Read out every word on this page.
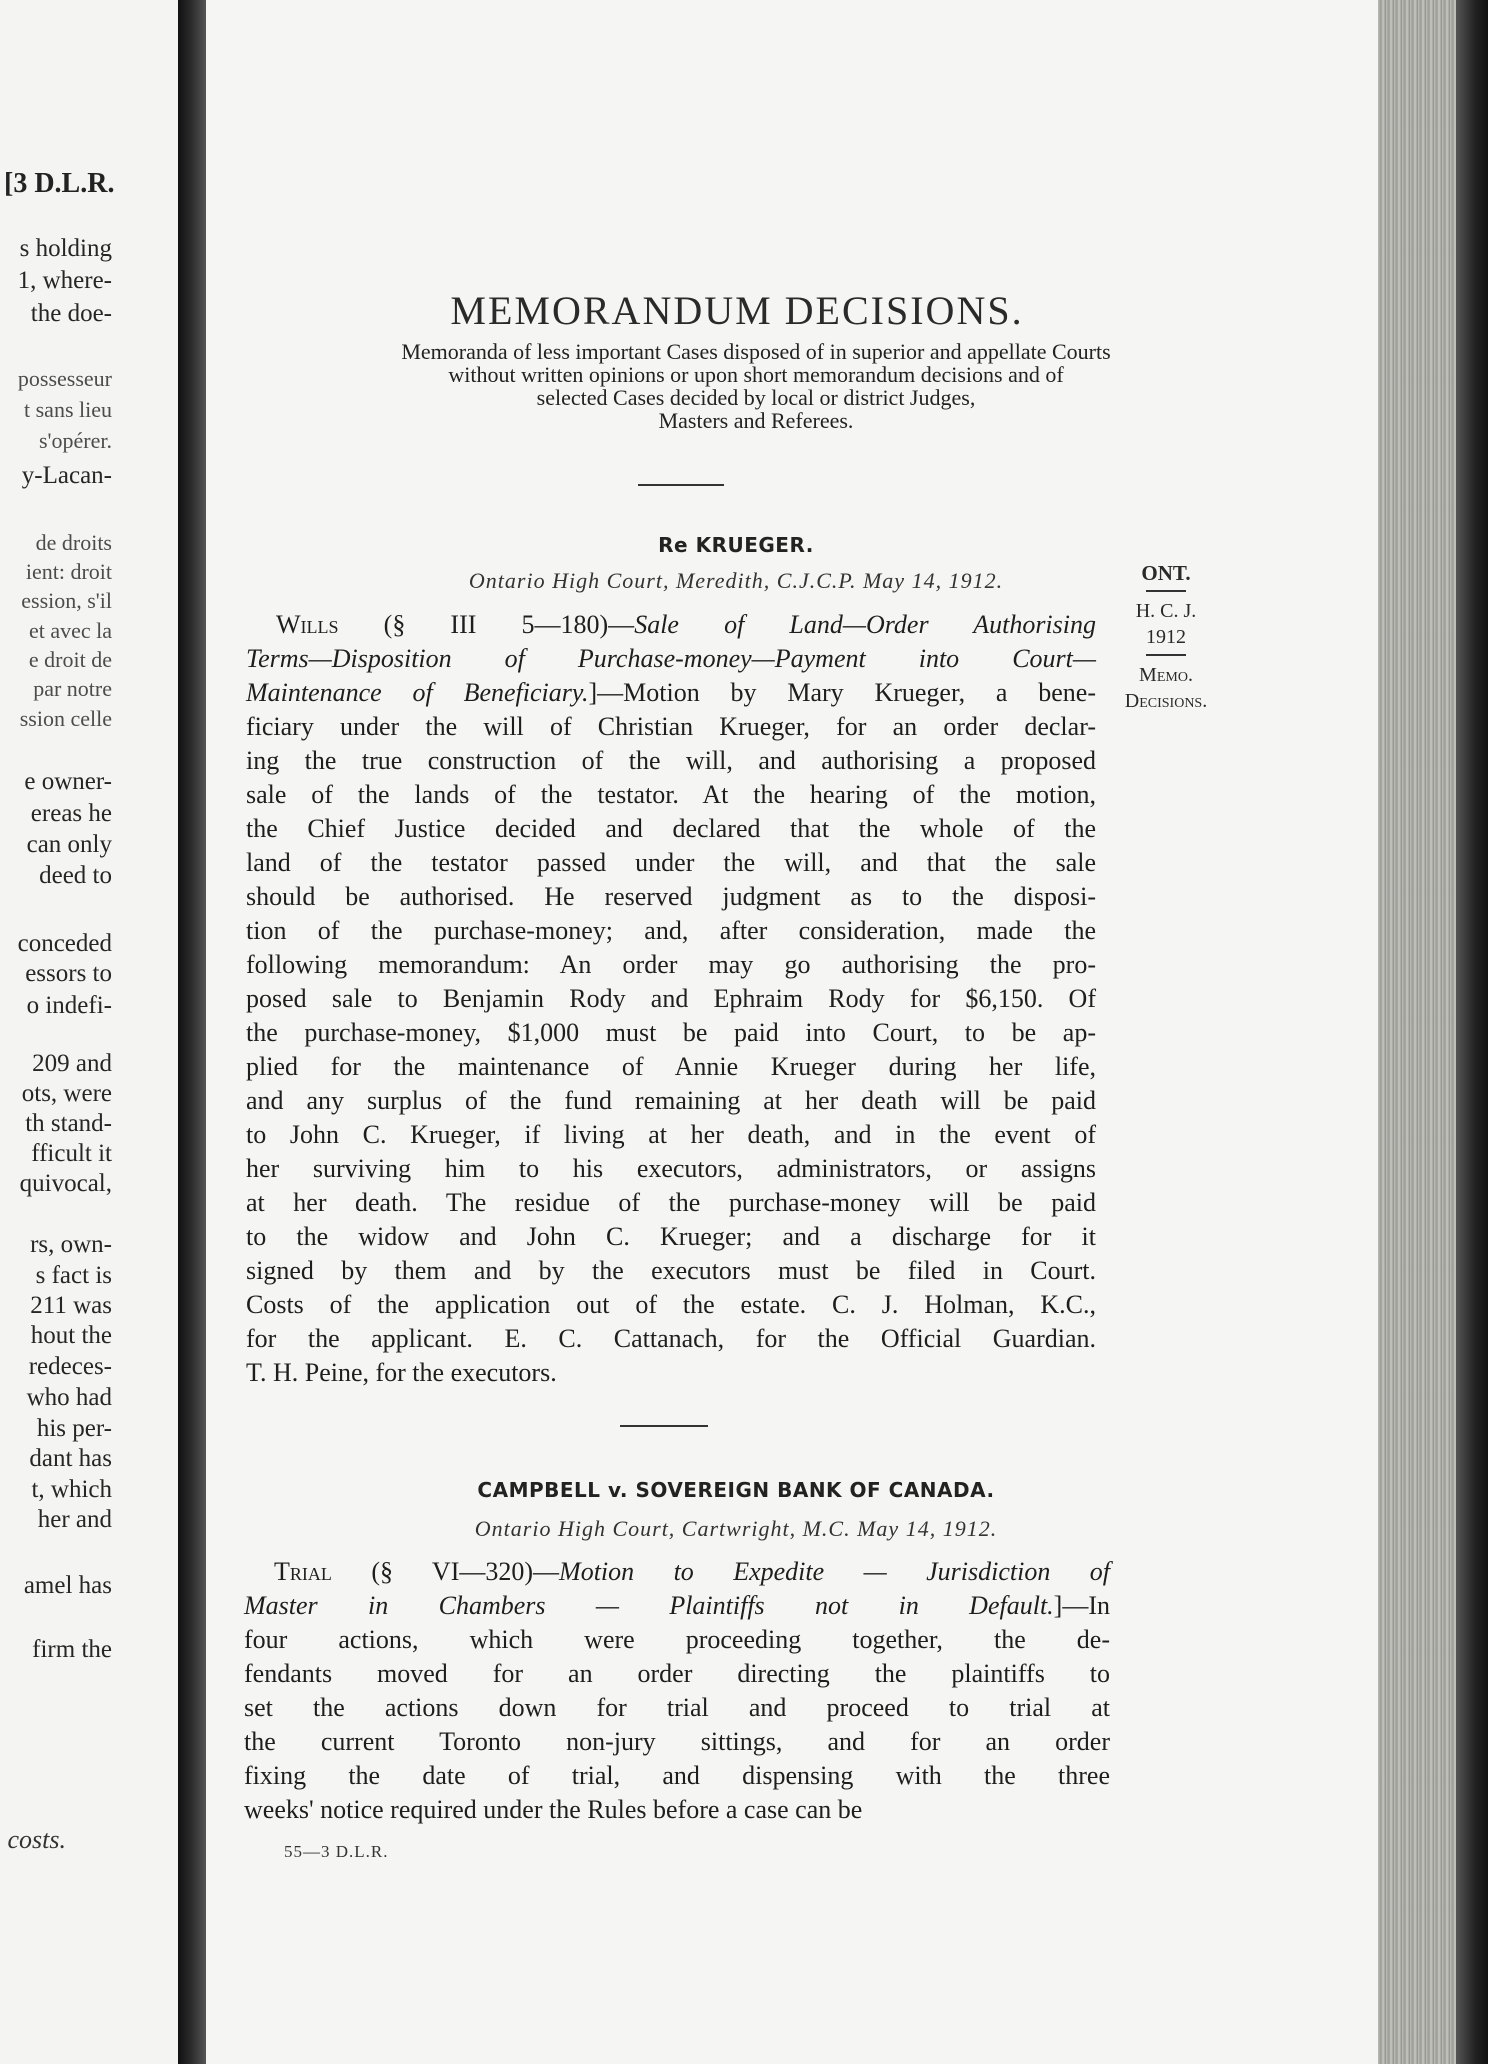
[3 D.L.R.
s holding
1, where-
the doe-
possesseur
t sans lieu
s'opérer.
y-Lacan-
de droits
ient: droit
ession, s'il
et avec la
e droit de
par notre
ssion celle
e owner-
ereas he
can only
deed to
conceded
essors to
o indefi-
209 and
ots, were
th stand-
fficult it
quivocal,
rs, own-
s fact is
211 was
hout the
redeces-
who had
his per-
dant has
t, which
her and
amel has
firm the
costs.
MEMORANDUM DECISIONS.
Memoranda of less important Cases disposed of in superior and appellate Courts
without written opinions or upon short memorandum decisions and of
selected Cases decided by local or district Judges,
Masters and Referees.
Re KRUEGER.
Ontario High Court, Meredith, C.J.C.P. May 14, 1912.	ONT.
H. C. J.
1912
Memo.
Decisions.
Wills (§ III 5—180)—Sale of Land—Order Authorising
Terms—Disposition of Purchase-money—Payment into Court—
Maintenance of Beneficiary.]—Motion by Mary Krueger, a bene-
ficiary under the will of Christian Krueger, for an order declar-
ing the true construction of the will, and authorising a proposed
sale of the lands of the testator. At the hearing of the motion,
the Chief Justice decided and declared that the whole of the
land of the testator passed under the will, and that the sale
should be authorised. He reserved judgment as to the disposi-
tion of the purchase-money; and, after consideration, made the
following memorandum: An order may go authorising the pro-
posed sale to Benjamin Rody and Ephraim Rody for $6,150. Of
the purchase-money, $1,000 must be paid into Court, to be ap-
plied for the maintenance of Annie Krueger during her life,
and any surplus of the fund remaining at her death will be paid
to John C. Krueger, if living at her death, and in the event of
her surviving him to his executors, administrators, or assigns
at her death. The residue of the purchase-money will be paid
to the widow and John C. Krueger; and a discharge for it
signed by them and by the executors must be filed in Court.
Costs of the application out of the estate. C. J. Holman, K.C.,
for the applicant. E. C. Cattanach, for the Official Guardian.
T. H. Peine, for the executors.
CAMPBELL v. SOVEREIGN BANK OF CANADA.
Ontario High Court, Cartwright, M.C. May 14, 1912.
Trial (§ VI—320)—Motion to Expedite — Jurisdiction of
Master in Chambers — Plaintiffs not in Default.]—In
four actions, which were proceeding together, the de-
fendants moved for an order directing the plaintiffs to
set the actions down for trial and proceed to trial at
the current Toronto non-jury sittings, and for an order
fixing the date of trial, and dispensing with the three
weeks' notice required under the Rules before a case can be
55—3 D.L.R.
